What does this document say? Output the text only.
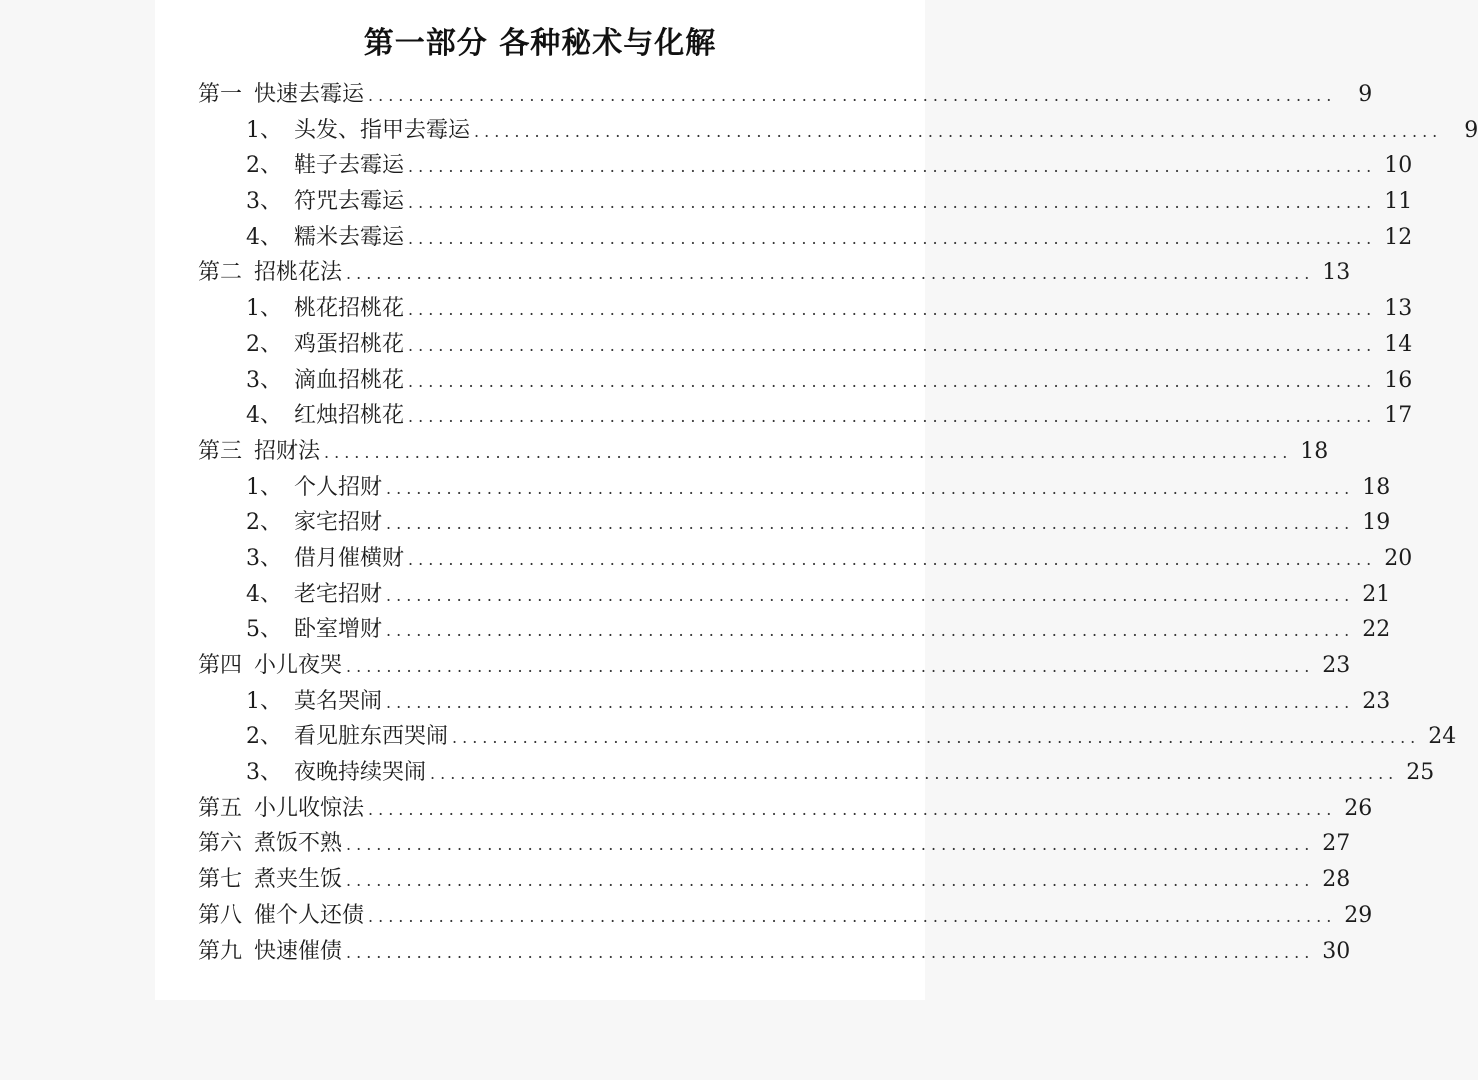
第一部分 各种秘术与化解
第一 快速去霉运 ................................................................................................	9
1、 头发、指甲去霉运 ................................................................................................	9
2、 鞋子去霉运 ................................................................................................ 10
3、 符咒去霉运 ................................................................................................ 11
4、 糯米去霉运 ................................................................................................ 12
第二 招桃花法 ................................................................................................ 13
1、 桃花招桃花 ................................................................................................ 13
2、 鸡蛋招桃花 ................................................................................................ 14
3、 滴血招桃花 ................................................................................................ 16
4、 红烛招桃花 ................................................................................................ 17
第三 招财法 ................................................................................................ 18
1、 个人招财 ................................................................................................ 18
2、 家宅招财 ................................................................................................ 19
3、 借月催横财 ................................................................................................ 20
4、 老宅招财 ................................................................................................ 21
5、 卧室增财 ................................................................................................ 22
第四 小儿夜哭 ................................................................................................ 23
1、 莫名哭闹 ................................................................................................ 23
2、 看见脏东西哭闹 ................................................................................................ 24
3、 夜晚持续哭闹 ................................................................................................ 25
第五 小儿收惊法 ................................................................................................ 26
第六 煮饭不熟 ................................................................................................ 27
第七 煮夹生饭 ................................................................................................ 28
第八 催个人还债 ................................................................................................ 29
第九 快速催债 ................................................................................................ 30
